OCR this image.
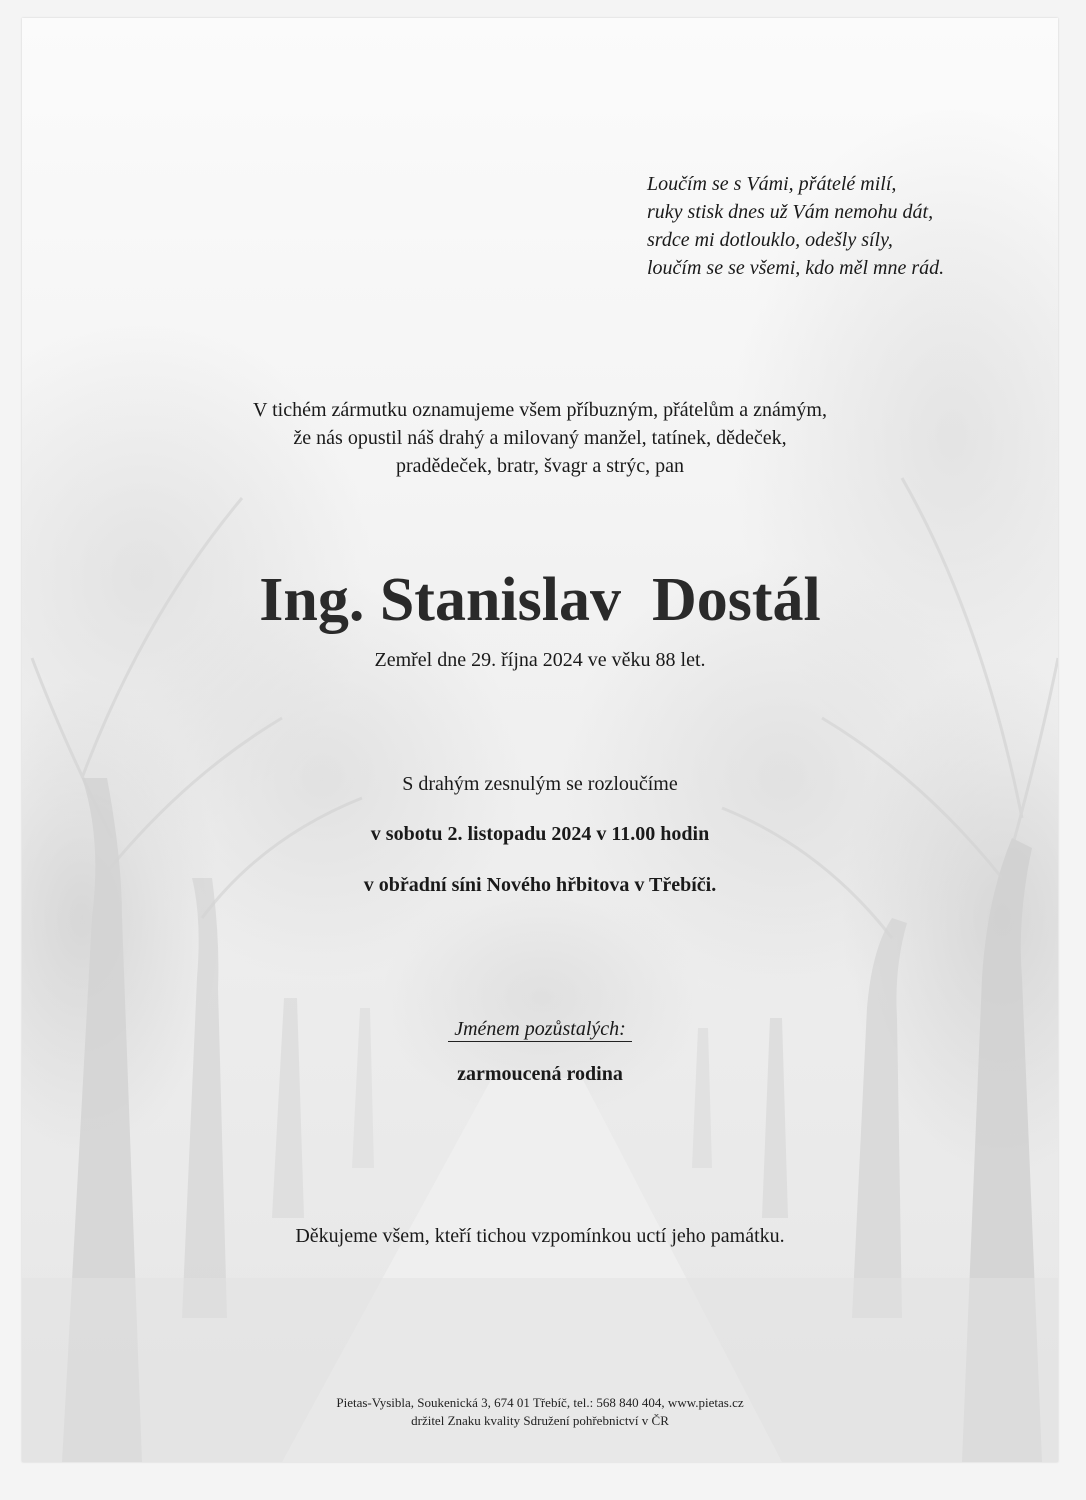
Loučím se s Vámi, přátelé milí,
ruky stisk dnes už Vám nemohu dát,
srdce mi dotlouklo, odešly síly,
loučím se se všemi, kdo měl mne rád.
V tichém zármutku oznamujeme všem příbuzným, přátelům a známým,
že nás opustil náš drahý a milovaný manžel, tatínek, dědeček,
pradědeček, bratr, švagr a strýc, pan
Ing. Stanislav  Dostál
Zemřel dne 29. října 2024 ve věku 88 let.
S drahým zesnulým se rozloučíme
v sobotu 2. listopadu 2024 v 11.00 hodin
v obřadní síni Nového hřbitova v Třebíči.
Jménem pozůstalých:
zarmoucená rodina
Děkujeme všem, kteří tichou vzpomínkou uctí jeho památku.
Pietas-Vysibla, Soukenická 3, 674 01 Třebíč, tel.: 568 840 404, www.pietas.cz
držitel Znaku kvality Sdružení pohřebnictví v ČR
